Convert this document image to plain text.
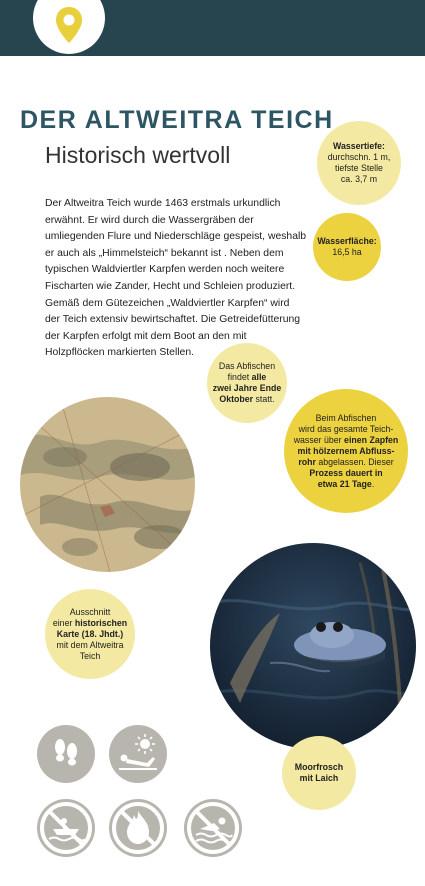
DER ALTWEITRA TEICH
Historisch wertvoll

Der Altweitra Teich wurde 1463 erstmals urkundlich erwähnt. Er wird durch die Wassergräben der umliegenden Flure und Niederschläge gespeist, weshalb er auch als „Himmelsteich“ bekannt ist . Neben dem typischen Waldviertler Karpfen werden noch weitere Fischarten wie Zander, Hecht und Schleien produziert. Gemäß dem Gütezeichen „Waldviertler Karpfen“ wird der Teich extensiv bewirtschaftet. Die Getreidefütterung der Karpfen erfolgt mit dem Boot an den mit Holzpflöcken markierten Stellen.

Wassertiefe:
durchschn. 1 m,
tiefste Stelle
ca. 3,7 m
Wasserfläche:
16,5 ha
Das Abfischen
findet alle
zwei Jahre Ende
Oktober statt.
Beim Abfischen
wird das gesamte Teich-
wasser über einen Zapfen
mit hölzernem Abfluss-
rohr abgelassen. Dieser
Prozess dauert in
etwa 21 Tage.
Ausschnitt
einer historischen
Karte (18. Jhdt.)
mit dem Altweitra
Teich
Moorfrosch
mit Laich
